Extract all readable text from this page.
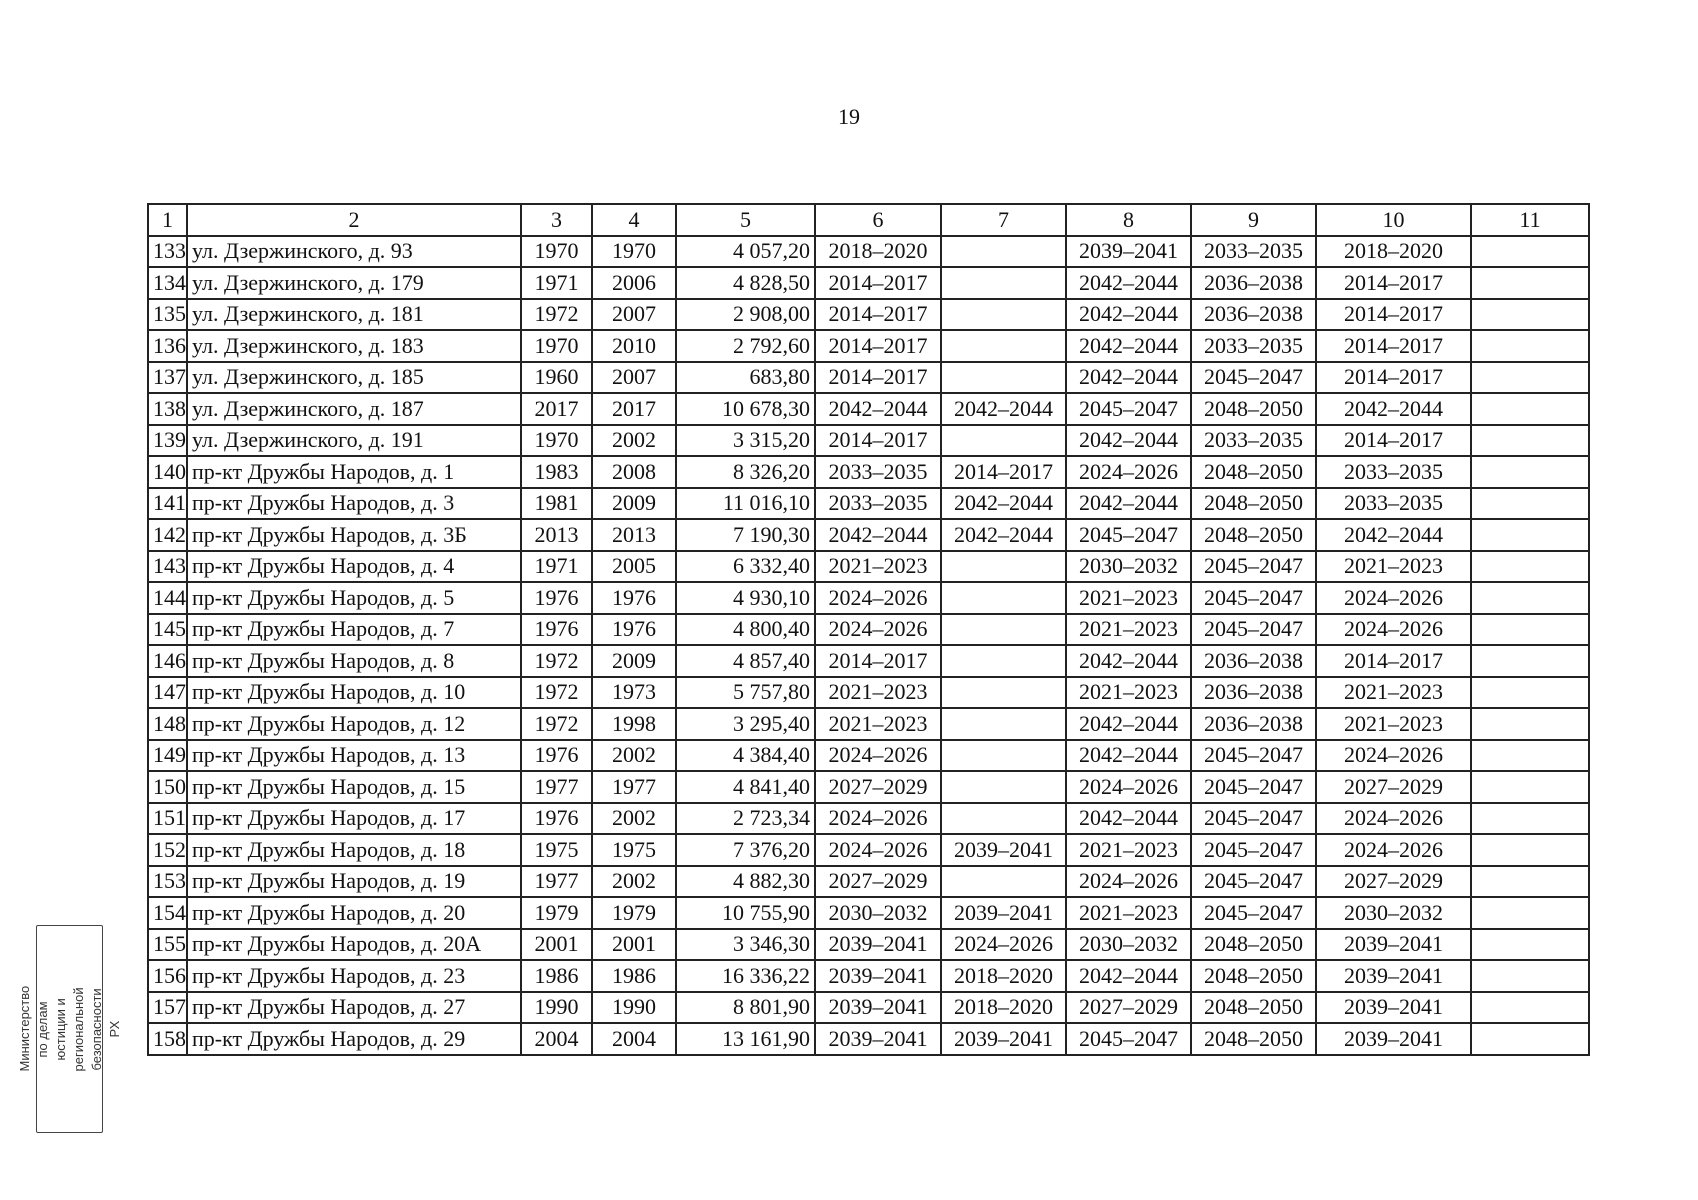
19
1	2	3	4	5	6	7	8	9	10	11
133	ул. Дзержинского, д. 93	1970	1970	4 057,20	2018–2020		2039–2041	2033–2035	2018–2020	
134	ул. Дзержинского, д. 179	1971	2006	4 828,50	2014–2017		2042–2044	2036–2038	2014–2017	
135	ул. Дзержинского, д. 181	1972	2007	2 908,00	2014–2017		2042–2044	2036–2038	2014–2017	
136	ул. Дзержинского, д. 183	1970	2010	2 792,60	2014–2017		2042–2044	2033–2035	2014–2017	
137	ул. Дзержинского, д. 185	1960	2007	683,80	2014–2017		2042–2044	2045–2047	2014–2017	
138	ул. Дзержинского, д. 187	2017	2017	10 678,30	2042–2044	2042–2044	2045–2047	2048–2050	2042–2044	
139	ул. Дзержинского, д. 191	1970	2002	3 315,20	2014–2017		2042–2044	2033–2035	2014–2017	
140	пр-кт Дружбы Народов, д. 1	1983	2008	8 326,20	2033–2035	2014–2017	2024–2026	2048–2050	2033–2035	
141	пр-кт Дружбы Народов, д. 3	1981	2009	11 016,10	2033–2035	2042–2044	2042–2044	2048–2050	2033–2035	
142	пр-кт Дружбы Народов, д. 3Б	2013	2013	7 190,30	2042–2044	2042–2044	2045–2047	2048–2050	2042–2044	
143	пр-кт Дружбы Народов, д. 4	1971	2005	6 332,40	2021–2023		2030–2032	2045–2047	2021–2023	
144	пр-кт Дружбы Народов, д. 5	1976	1976	4 930,10	2024–2026		2021–2023	2045–2047	2024–2026	
145	пр-кт Дружбы Народов, д. 7	1976	1976	4 800,40	2024–2026		2021–2023	2045–2047	2024–2026	
146	пр-кт Дружбы Народов, д. 8	1972	2009	4 857,40	2014–2017		2042–2044	2036–2038	2014–2017	
147	пр-кт Дружбы Народов, д. 10	1972	1973	5 757,80	2021–2023		2021–2023	2036–2038	2021–2023	
148	пр-кт Дружбы Народов, д. 12	1972	1998	3 295,40	2021–2023		2042–2044	2036–2038	2021–2023	
149	пр-кт Дружбы Народов, д. 13	1976	2002	4 384,40	2024–2026		2042–2044	2045–2047	2024–2026	
150	пр-кт Дружбы Народов, д. 15	1977	1977	4 841,40	2027–2029		2024–2026	2045–2047	2027–2029	
151	пр-кт Дружбы Народов, д. 17	1976	2002	2 723,34	2024–2026		2042–2044	2045–2047	2024–2026	
152	пр-кт Дружбы Народов, д. 18	1975	1975	7 376,20	2024–2026	2039–2041	2021–2023	2045–2047	2024–2026	
153	пр-кт Дружбы Народов, д. 19	1977	2002	4 882,30	2027–2029		2024–2026	2045–2047	2027–2029	
154	пр-кт Дружбы Народов, д. 20	1979	1979	10 755,90	2030–2032	2039–2041	2021–2023	2045–2047	2030–2032	
155	пр-кт Дружбы Народов, д. 20А	2001	2001	3 346,30	2039–2041	2024–2026	2030–2032	2048–2050	2039–2041	
156	пр-кт Дружбы Народов, д. 23	1986	1986	16 336,22	2039–2041	2018–2020	2042–2044	2048–2050	2039–2041	
157	пр-кт Дружбы Народов, д. 27	1990	1990	8 801,90	2039–2041	2018–2020	2027–2029	2048–2050	2039–2041	
158	пр-кт Дружбы Народов, д. 29	2004	2004	13 161,90	2039–2041	2039–2041	2045–2047	2048–2050	2039–2041	
Министерство по делам юстиции и региональной безопасности РХ
